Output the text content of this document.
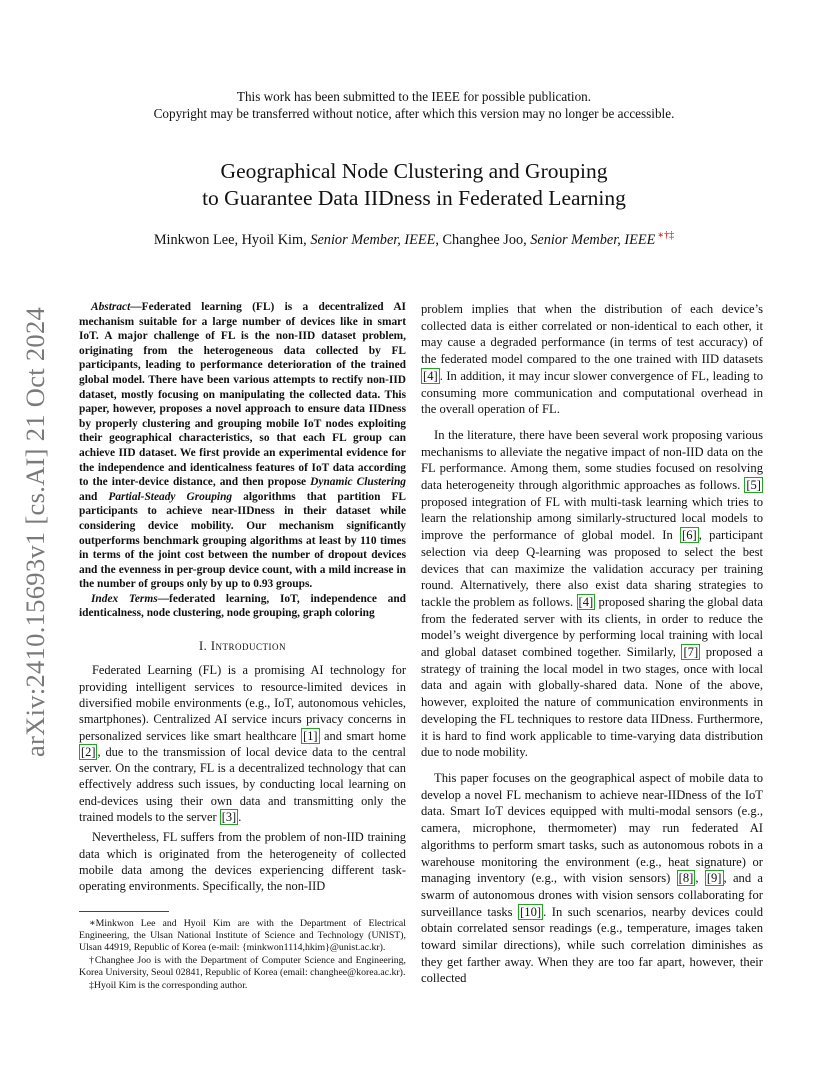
This work has been submitted to the IEEE for possible publication.
Copyright may be transferred without notice, after which this version may no longer be accessible.
Geographical Node Clustering and Grouping
to Guarantee Data IIDness in Federated Learning
Minkwon Lee, Hyoil Kim, Senior Member, IEEE, Changhee Joo, Senior Member, IEEE ∗†‡
arXiv:2410.15693v1 [cs.AI] 21 Oct 2024	Abstract—Federated learning (FL) is a decentralized AI mechanism suitable for a large number of devices like in smart IoT. A major challenge of FL is the non-IID dataset problem, originating from the heterogeneous data collected by FL participants, leading to performance deterioration of the trained global model. There have been various attempts to rectify non-IID dataset, mostly focusing on manipulating the collected data. This paper, however, proposes a novel approach to ensure data IIDness by properly clustering and grouping mobile IoT nodes exploiting their geographical characteristics, so that each FL group can achieve IID dataset. We first provide an experimental evidence for the independence and identicalness features of IoT data according to the inter-device distance, and then propose Dynamic Clustering and Partial-Steady Grouping algorithms that partition FL participants to achieve near-IIDness in their dataset while considering device mobility. Our mechanism significantly outperforms benchmark grouping algorithms at least by 110 times in terms of the joint cost between the number of dropout devices and the evenness in per-group device count, with a mild increase in the number of groups only by up to 0.93 groups.

Index Terms—federated learning, IoT, independence and identicalness, node clustering, node grouping, graph coloring

I. Introduction

Federated Learning (FL) is a promising AI technology for providing intelligent services to resource-limited devices in diversified mobile environments (e.g., IoT, autonomous vehicles, smartphones). Centralized AI service incurs privacy concerns in personalized services like smart healthcare [1] and smart home [2] , due to the transmission of local device data to the central server. On the contrary, FL is a decentralized technology that can effectively address such issues, by conducting local learning on end-devices using their own data and transmitting only the trained models to the server [3] .

Nevertheless, FL suffers from the problem of non-IID training data which is originated from the heterogeneity of collected mobile data among the devices experiencing different task-operating environments. Specifically, the non-IID

∗Minkwon Lee and Hyoil Kim are with the Department of Electrical Engineering, the Ulsan National Institute of Science and Technology (UNIST), Ulsan 44919, Republic of Korea (e-mail: {minkwon1114,hkim}@unist.ac.kr).

†Changhee Joo is with the Department of Computer Science and Engineering, Korea University, Seoul 02841, Republic of Korea (email: changhee@korea.ac.kr).

‡Hyoil Kim is the corresponding author.

problem implies that when the distribution of each device’s collected data is either correlated or non-identical to each other, it may cause a degraded performance (in terms of test accuracy) of the federated model compared to the one trained with IID datasets [4] . In addition, it may incur slower convergence of FL, leading to consuming more communication and computational overhead in the overall operation of FL.

In the literature, there have been several work proposing various mechanisms to alleviate the negative impact of non-IID data on the FL performance. Among them, some studies focused on resolving data heterogeneity through algorithmic approaches as follows. [5] proposed integration of FL with multi-task learning which tries to learn the relationship among similarly-structured local models to improve the performance of global model. In [6] , participant selection via deep Q-learning was proposed to select the best devices that can maximize the validation accuracy per training round. Alternatively, there also exist data sharing strategies to tackle the problem as follows. [4] proposed sharing the global data from the federated server with its clients, in order to reduce the model’s weight divergence by performing local training with local and global dataset combined together. Similarly, [7] proposed a strategy of training the local model in two stages, once with local data and again with globally-shared data. None of the above, however, exploited the nature of communication environments in developing the FL techniques to restore data IIDness. Furthermore, it is hard to find work applicable to time-varying data distribution due to node mobility.

This paper focuses on the geographical aspect of mobile data to develop a novel FL mechanism to achieve near-IIDness of the IoT data. Smart IoT devices equipped with multi-modal sensors (e.g., camera, microphone, thermometer) may run federated AI algorithms to perform smart tasks, such as autonomous robots in a warehouse monitoring the environment (e.g., heat signature) or managing inventory (e.g., with vision sensors) [8] , [9] , and a swarm of autonomous drones with vision sensors collaborating for surveillance tasks [10] . In such scenarios, nearby devices could obtain correlated sensor readings (e.g., temperature, images taken toward similar directions), while such correlation diminishes as they get farther away. When they are too far apart, however, their collected
